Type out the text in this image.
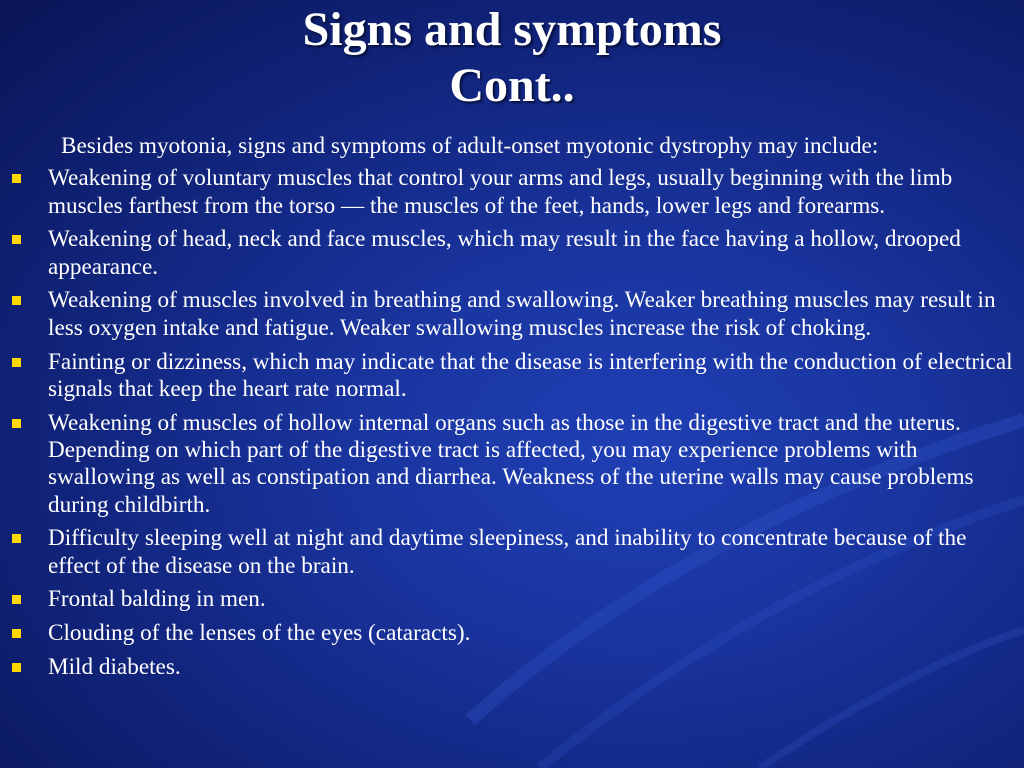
Signs and symptoms
Cont..

Besides myotonia, signs and symptoms of adult-onset myotonic dystrophy may include:

Weakening of voluntary muscles that control your arms and legs, usually beginning with the limb muscles farthest from the torso — the muscles of the feet, hands, lower legs and forearms.
Weakening of head, neck and face muscles, which may result in the face having a hollow, drooped appearance.
Weakening of muscles involved in breathing and swallowing. Weaker breathing muscles may result in less oxygen intake and fatigue. Weaker swallowing muscles increase the risk of choking.
Fainting or dizziness, which may indicate that the disease is interfering with the conduction of electrical signals that keep the heart rate normal.
Weakening of muscles of hollow internal organs such as those in the digestive tract and the uterus. Depending on which part of the digestive tract is affected, you may experience problems with swallowing as well as constipation and diarrhea. Weakness of the uterine walls may cause problems during childbirth.
Difficulty sleeping well at night and daytime sleepiness, and inability to concentrate because of the effect of the disease on the brain.
Frontal balding in men.
Clouding of the lenses of the eyes (cataracts).
Mild diabetes.
